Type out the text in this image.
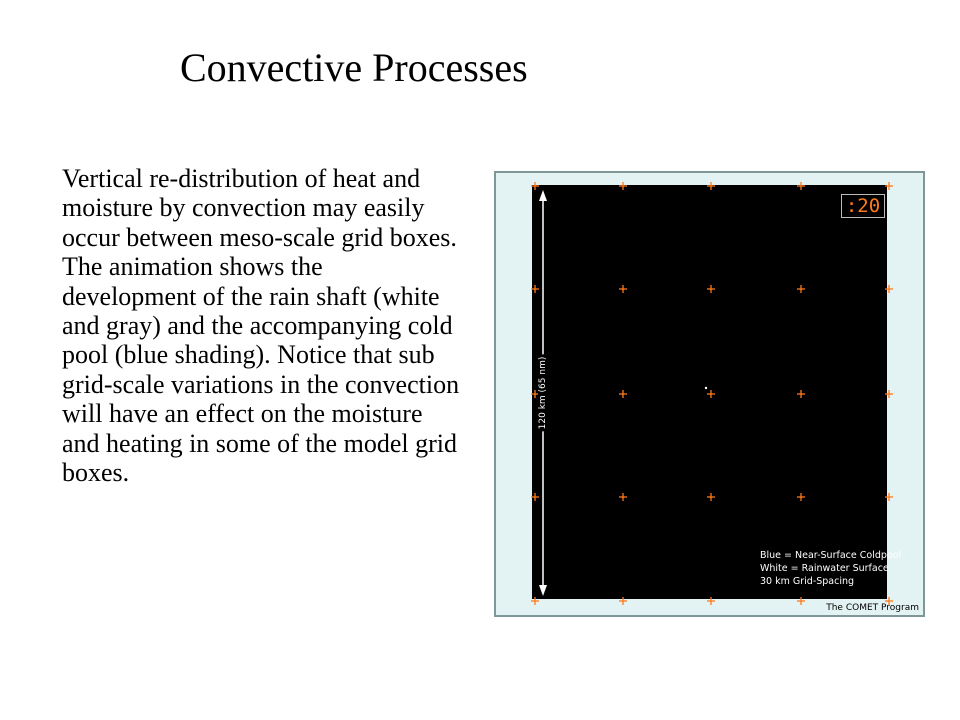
Convective Processes
Vertical re-distribution of heat and moisture by convection may easily occur between meso-scale grid boxes. The animation shows the development of the rain shaft (white and gray) and the accompanying cold pool (blue shading). Notice that sub grid-scale variations in the convection will have an effect on the moisture and heating in some of the model grid boxes.
120 km (65 nm)
:20
Blue = Near-Surface Coldpool
White = Rainwater Surface
30 km Grid-Spacing
The COMET Program
